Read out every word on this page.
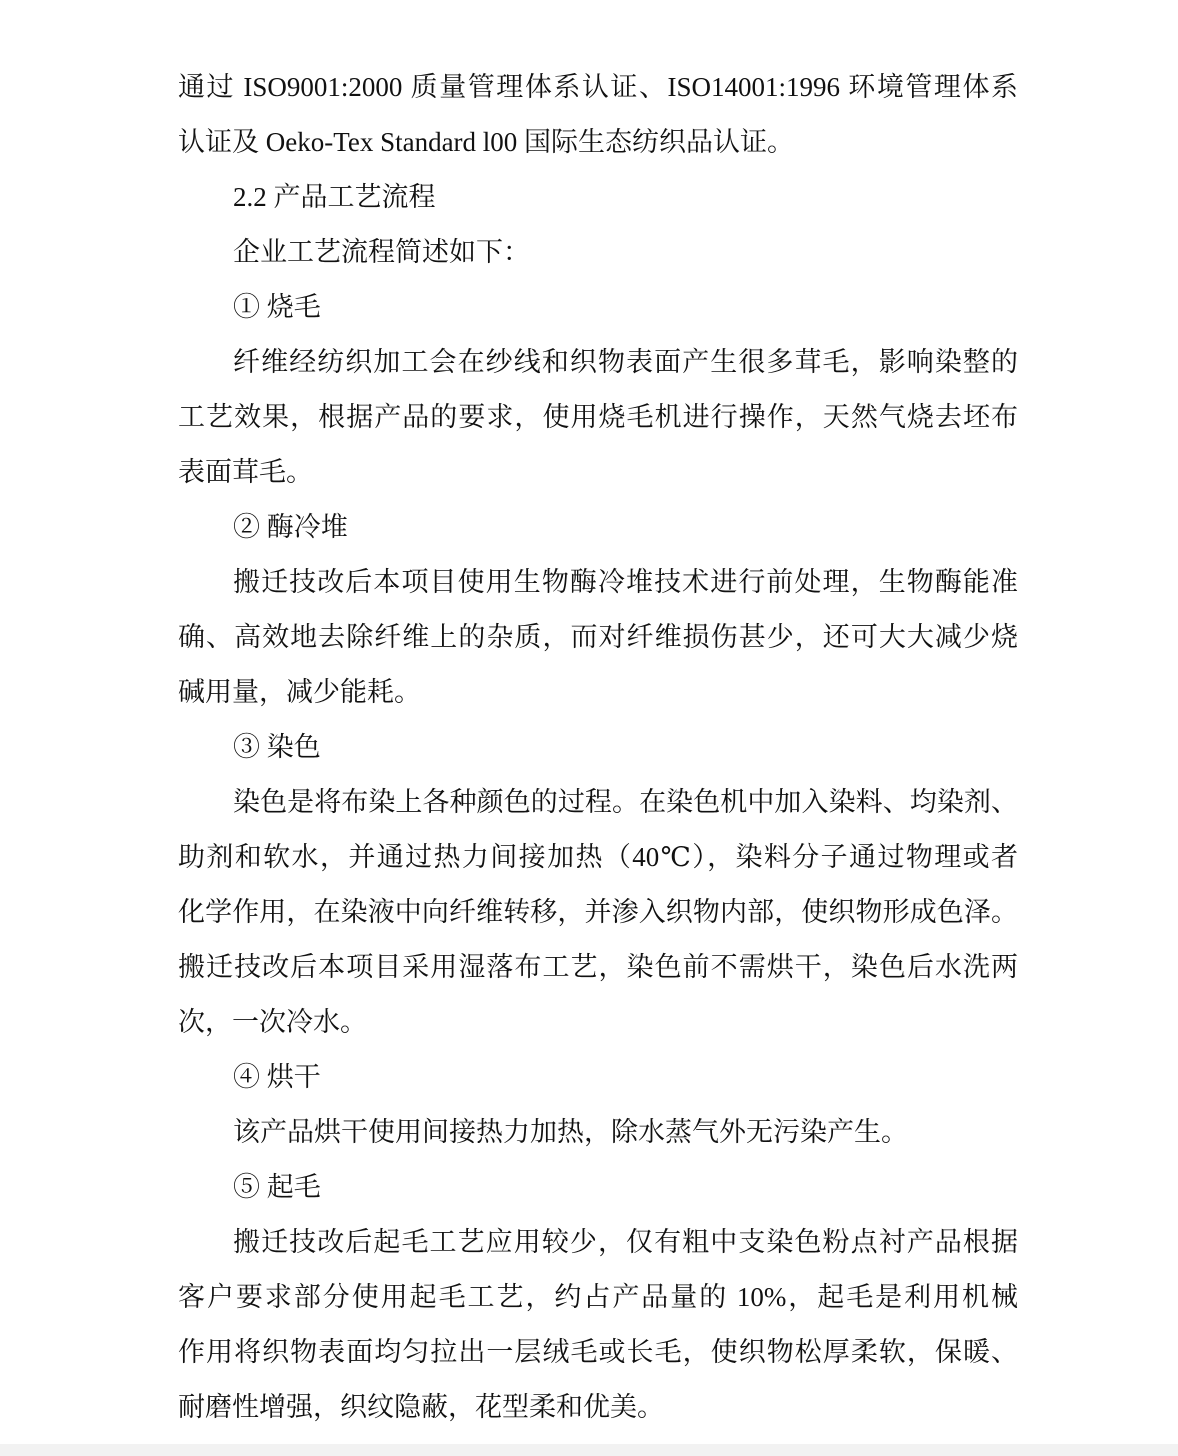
通过 ISO9001:2000 质量管理体系认证、ISO14001:1996 环境管理体系
认证及 Oeko-Tex Standard l00 国际生态纺织品认证。
2.2 产品工艺流程
企业工艺流程简述如下：
① 烧毛
纤维经纺织加工会在纱线和织物表面产生很多茸毛，影响染整的
工艺效果，根据产品的要求，使用烧毛机进行操作，天然气烧去坯布
表面茸毛。
② 酶冷堆
搬迁技改后本项目使用生物酶冷堆技术进行前处理，生物酶能准
确、高效地去除纤维上的杂质，而对纤维损伤甚少，还可大大减少烧
碱用量，减少能耗。
③ 染色
染色是将布染上各种颜色的过程。在染色机中加入染料、均染剂、
助剂和软水，并通过热力间接加热（40℃），染料分子通过物理或者
化学作用，在染液中向纤维转移，并渗入织物内部，使织物形成色泽。
搬迁技改后本项目采用湿落布工艺，染色前不需烘干，染色后水洗两
次，一次冷水。
④ 烘干
该产品烘干使用间接热力加热，除水蒸气外无污染产生。
⑤ 起毛
搬迁技改后起毛工艺应用较少，仅有粗中支染色粉点衬产品根据
客户要求部分使用起毛工艺，约占产品量的 10%，起毛是利用机械
作用将织物表面均匀拉出一层绒毛或长毛，使织物松厚柔软，保暖、
耐磨性增强，织纹隐蔽，花型柔和优美。
